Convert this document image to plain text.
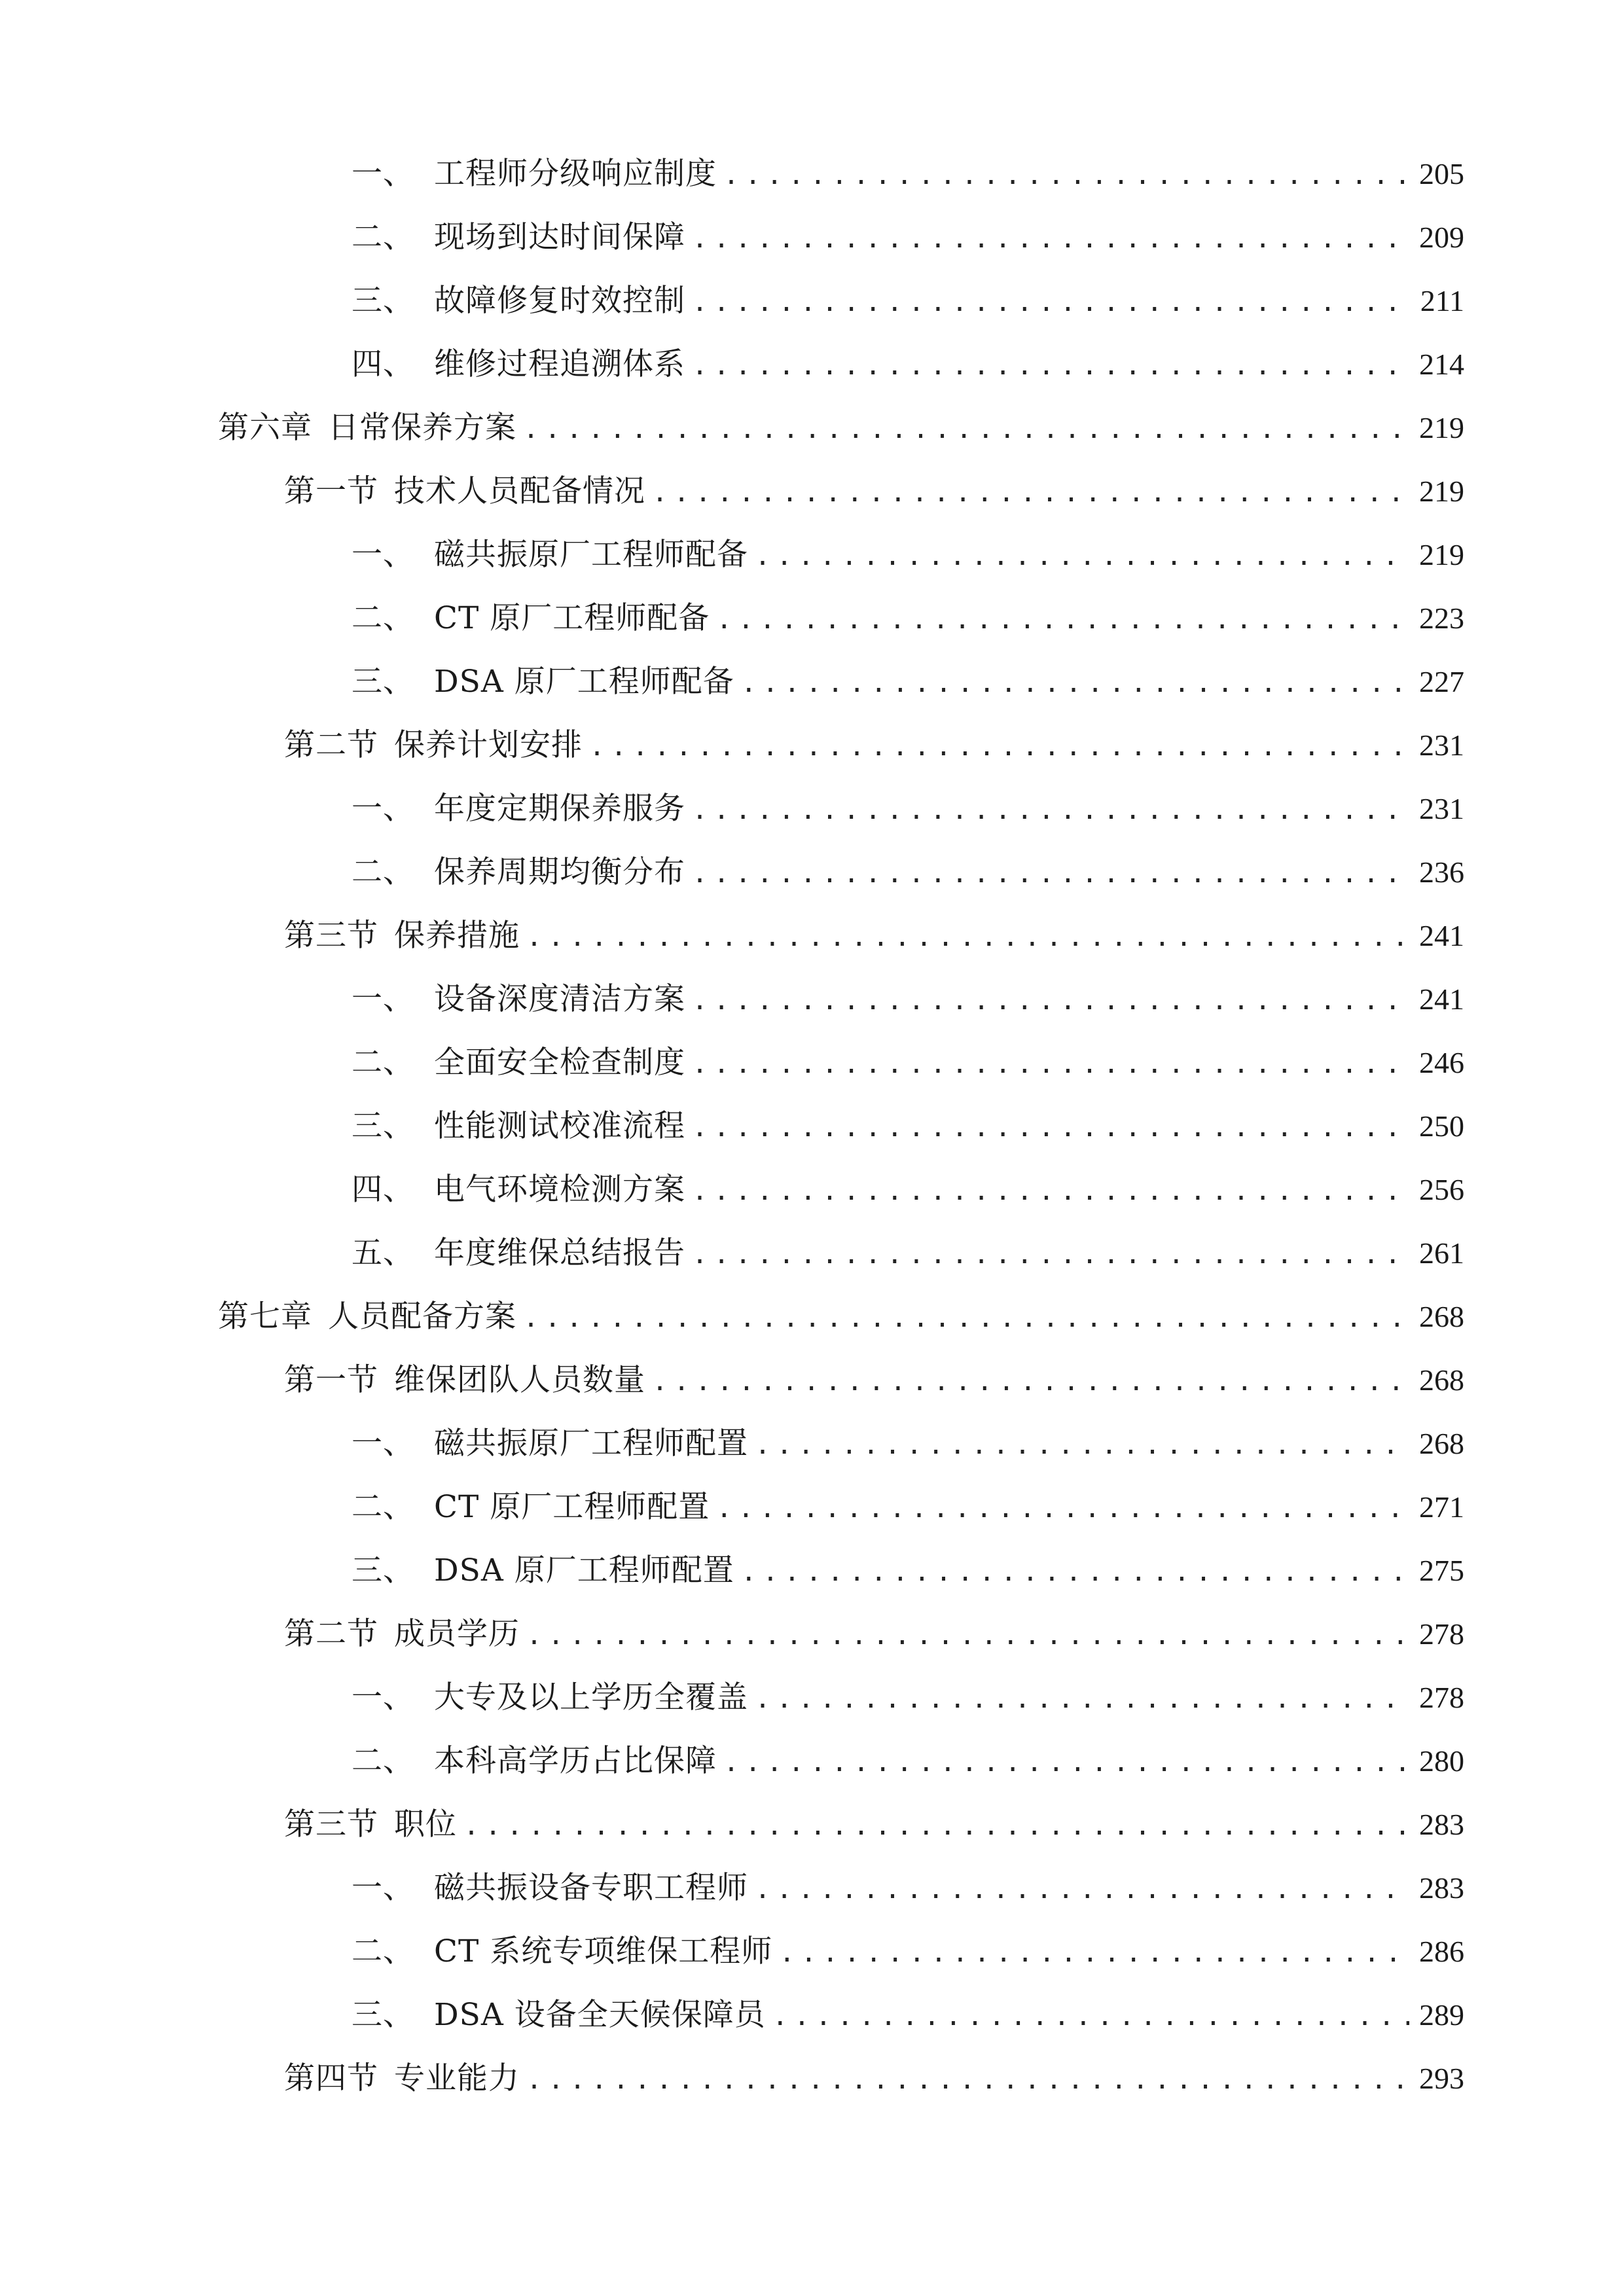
一、 工程师分级响应制度 .....	205
二、 现场到达时间保障 .....	209
三、 故障修复时效控制 .....	211
四、 维修过程追溯体系 .....	214
第六章 日常保养方案 .....	219
第一节 技术人员配备情况 .....	219
一、 磁共振原厂工程师配备 .....	219
二、 CT 原厂工程师配备 .....	223
三、 DSA 原厂工程师配备 .....	227
第二节 保养计划安排 .....	231
一、 年度定期保养服务 .....	231
二、 保养周期均衡分布 .....	236
第三节 保养措施 .....	241
一、 设备深度清洁方案 .....	241
二、 全面安全检查制度 .....	246
三、 性能测试校准流程 .....	250
四、 电气环境检测方案 .....	256
五、 年度维保总结报告 .....	261
第七章 人员配备方案 .....	268
第一节 维保团队人员数量 .....	268
一、 磁共振原厂工程师配置 .....	268
二、 CT 原厂工程师配置 .....	271
三、 DSA 原厂工程师配置 .....	275
第二节 成员学历 .....	278
一、 大专及以上学历全覆盖 .....	278
二、 本科高学历占比保障 .....	280
第三节 职位 .....	283
一、 磁共振设备专职工程师 .....	283
二、 CT 系统专项维保工程师 .....	286
三、 DSA 设备全天候保障员 .....	289
第四节 专业能力 .....	293
